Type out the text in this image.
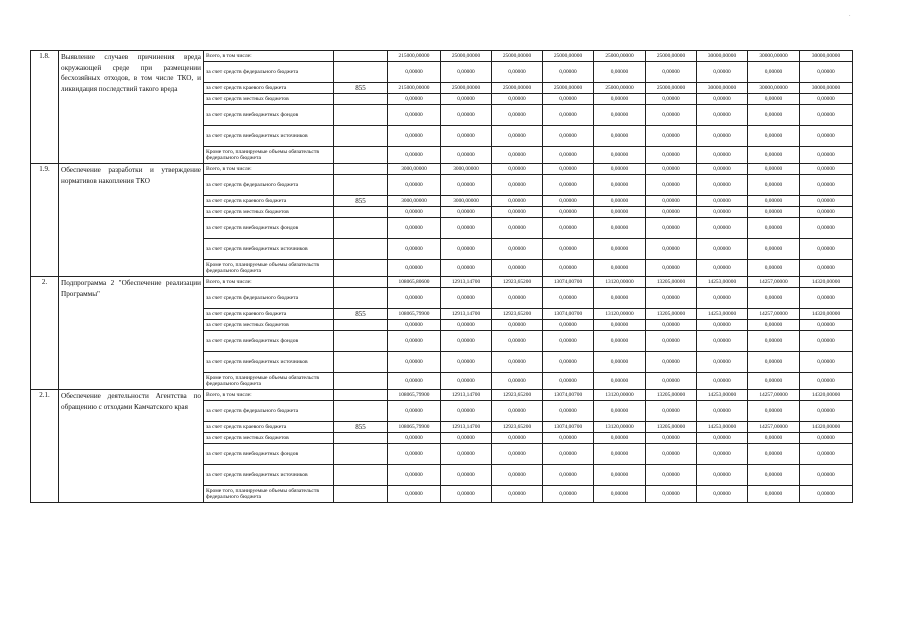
.
1.8.	Выявление случаев причинения вреда окружающей среде при размещении бесхозяйных отходов, в том числе ТКО, и ликвидация последствий такого вреда	Всего, в том числе:		215000,00000	25000,00000	25000,00000	25000,00000	25000,00000	25000,00000	30000,00000	30000,00000	30000,00000
		за счет средств федерального бюджета		0,00000	0,00000	0,00000	0,00000	0,00000	0,00000	0,00000	0,00000	0,00000
		за счет средств краевого бюджета	855	215000,00000	25000,00000	25000,00000	25000,00000	25000,00000	25000,00000	30000,00000	30000,00000	30000,00000
		за счет средств местных бюджетов		0,00000	0,00000	0,00000	0,00000	0,00000	0,00000	0,00000	0,00000	0,00000
		за счет средств внебюджетных фондов		0,00000	0,00000	0,00000	0,00000	0,00000	0,00000	0,00000	0,00000	0,00000
		за счет средств внебюджетных источников		0,00000	0,00000	0,00000	0,00000	0,00000	0,00000	0,00000	0,00000	0,00000
		Кроме того, планируемые объемы обязательств федерального бюджета		0,00000	0,00000	0,00000	0,00000	0,00000	0,00000	0,00000	0,00000	0,00000
1.9.	Обеспечение разработки и утверждение нормативов накопления ТКО	Всего, в том числе:		3000,00000	3000,00000	0,00000	0,00000	0,00000	0,00000	0,00000	0,00000	0,00000
		за счет средств федерального бюджета		0,00000	0,00000	0,00000	0,00000	0,00000	0,00000	0,00000	0,00000	0,00000
		за счет средств краевого бюджета	855	3000,00000	3000,00000	0,00000	0,00000	0,00000	0,00000	0,00000	0,00000	0,00000
		за счет средств местных бюджетов		0,00000	0,00000	0,00000	0,00000	0,00000	0,00000	0,00000	0,00000	0,00000
		за счет средств внебюджетных фондов		0,00000	0,00000	0,00000	0,00000	0,00000	0,00000	0,00000	0,00000	0,00000
		за счет средств внебюджетных источников		0,00000	0,00000	0,00000	0,00000	0,00000	0,00000	0,00000	0,00000	0,00000
		Кроме того, планируемые объемы обязательств федерального бюджета		0,00000	0,00000	0,00000	0,00000	0,00000	0,00000	0,00000	0,00000	0,00000
2.	Подпрограмма 2 "Обеспечение реализации Программы"	Всего, в том числе:		108065,80600	12913,14700	12923,65200	13074,00700	13120,00000	13205,00000	14253,00000	14257,00000	14320,00000
		за счет средств федерального бюджета		0,00000	0,00000	0,00000	0,00000	0,00000	0,00000	0,00000	0,00000	0,00000
		за счет средств краевого бюджета	855	108065,79900	12913,14700	12923,65200	13074,00700	13120,00000	13205,00000	14253,00000	14257,00000	14320,00000
		за счет средств местных бюджетов		0,00000	0,00000	0,00000	0,00000	0,00000	0,00000	0,00000	0,00000	0,00000
		за счет средств внебюджетных фондов		0,00000	0,00000	0,00000	0,00000	0,00000	0,00000	0,00000	0,00000	0,00000
		за счет средств внебюджетных источников		0,00000	0,00000	0,00000	0,00000	0,00000	0,00000	0,00000	0,00000	0,00000
		Кроме того, планируемые объемы обязательств федерального бюджета		0,00000	0,00000	0,00000	0,00000	0,00000	0,00000	0,00000	0,00000	0,00000
2.1.	Обеспечение деятельности Агентства по обращению с отходами Камчатского края	Всего, в том числе:		108065,79900	12913,14700	12923,65200	13074,00700	13120,00000	13205,00000	14253,00000	14257,00000	14320,00000
		за счет средств федерального бюджета		0,00000	0,00000	0,00000	0,00000	0,00000	0,00000	0,00000	0,00000	0,00000
		за счет средств краевого бюджета	855	108065,79900	12913,14700	12923,65200	13074,00700	13120,00000	13205,00000	14253,00000	14257,00000	14320,00000
		за счет средств местных бюджетов		0,00000	0,00000	0,00000	0,00000	0,00000	0,00000	0,00000	0,00000	0,00000
		за счет средств внебюджетных фондов		0,00000	0,00000	0,00000	0,00000	0,00000	0,00000	0,00000	0,00000	0,00000
		за счет средств внебюджетных источников		0,00000	0,00000	0,00000	0,00000	0,00000	0,00000	0,00000	0,00000	0,00000
		Кроме того, планируемые объемы обязательств федерального бюджета		0,00000	0,00000	0,00000	0,00000	0,00000	0,00000	0,00000	0,00000	0,00000
